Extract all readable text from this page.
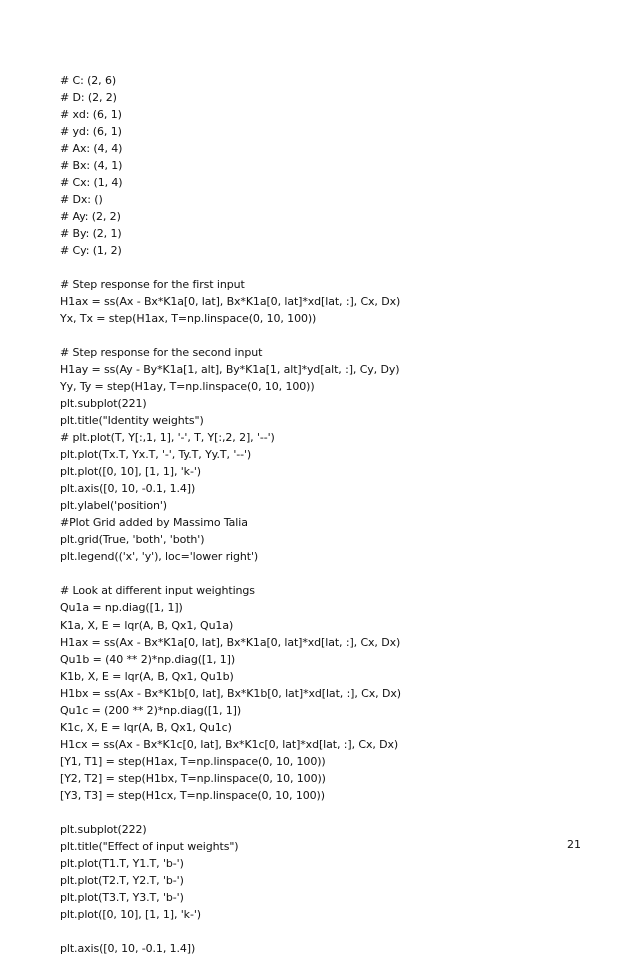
# C: (2, 6)
# D: (2, 2)
# xd: (6, 1)
# yd: (6, 1)
# Ax: (4, 4)
# Bx: (4, 1)
# Cx: (1, 4)
# Dx: ()
# Ay: (2, 2)
# By: (2, 1)
# Cy: (1, 2)
# Step response for the first input
H1ax = ss(Ax - Bx*K1a[0, lat], Bx*K1a[0, lat]*xd[lat, :], Cx, Dx)
Yx, Tx = step(H1ax, T=np.linspace(0, 10, 100))
# Step response for the second input
H1ay = ss(Ay - By*K1a[1, alt], By*K1a[1, alt]*yd[alt, :], Cy, Dy)
Yy, Ty = step(H1ay, T=np.linspace(0, 10, 100))
plt.subplot(221)
plt.title("Identity weights")
# plt.plot(T, Y[:,1, 1], '-', T, Y[:,2, 2], '--')
plt.plot(Tx.T, Yx.T, '-', Ty.T, Yy.T, '--')
plt.plot([0, 10], [1, 1], 'k-')
plt.axis([0, 10, -0.1, 1.4])
plt.ylabel('position')
#Plot Grid added by Massimo Talia
plt.grid(True, 'both', 'both')
plt.legend(('x', 'y'), loc='lower right')
# Look at different input weightings
Qu1a = np.diag([1, 1])
K1a, X, E = lqr(A, B, Qx1, Qu1a)
H1ax = ss(Ax - Bx*K1a[0, lat], Bx*K1a[0, lat]*xd[lat, :], Cx, Dx)
Qu1b = (40 ** 2)*np.diag([1, 1])
K1b, X, E = lqr(A, B, Qx1, Qu1b)
H1bx = ss(Ax - Bx*K1b[0, lat], Bx*K1b[0, lat]*xd[lat, :], Cx, Dx)
Qu1c = (200 ** 2)*np.diag([1, 1])
K1c, X, E = lqr(A, B, Qx1, Qu1c)
H1cx = ss(Ax - Bx*K1c[0, lat], Bx*K1c[0, lat]*xd[lat, :], Cx, Dx)
[Y1, T1] = step(H1ax, T=np.linspace(0, 10, 100))
[Y2, T2] = step(H1bx, T=np.linspace(0, 10, 100))
[Y3, T3] = step(H1cx, T=np.linspace(0, 10, 100))
plt.subplot(222)
plt.title("Effect of input weights")
plt.plot(T1.T, Y1.T, 'b-')
plt.plot(T2.T, Y2.T, 'b-')
plt.plot(T3.T, Y3.T, 'b-')
plt.plot([0, 10], [1, 1], 'k-')
plt.axis([0, 10, -0.1, 1.4])
21
